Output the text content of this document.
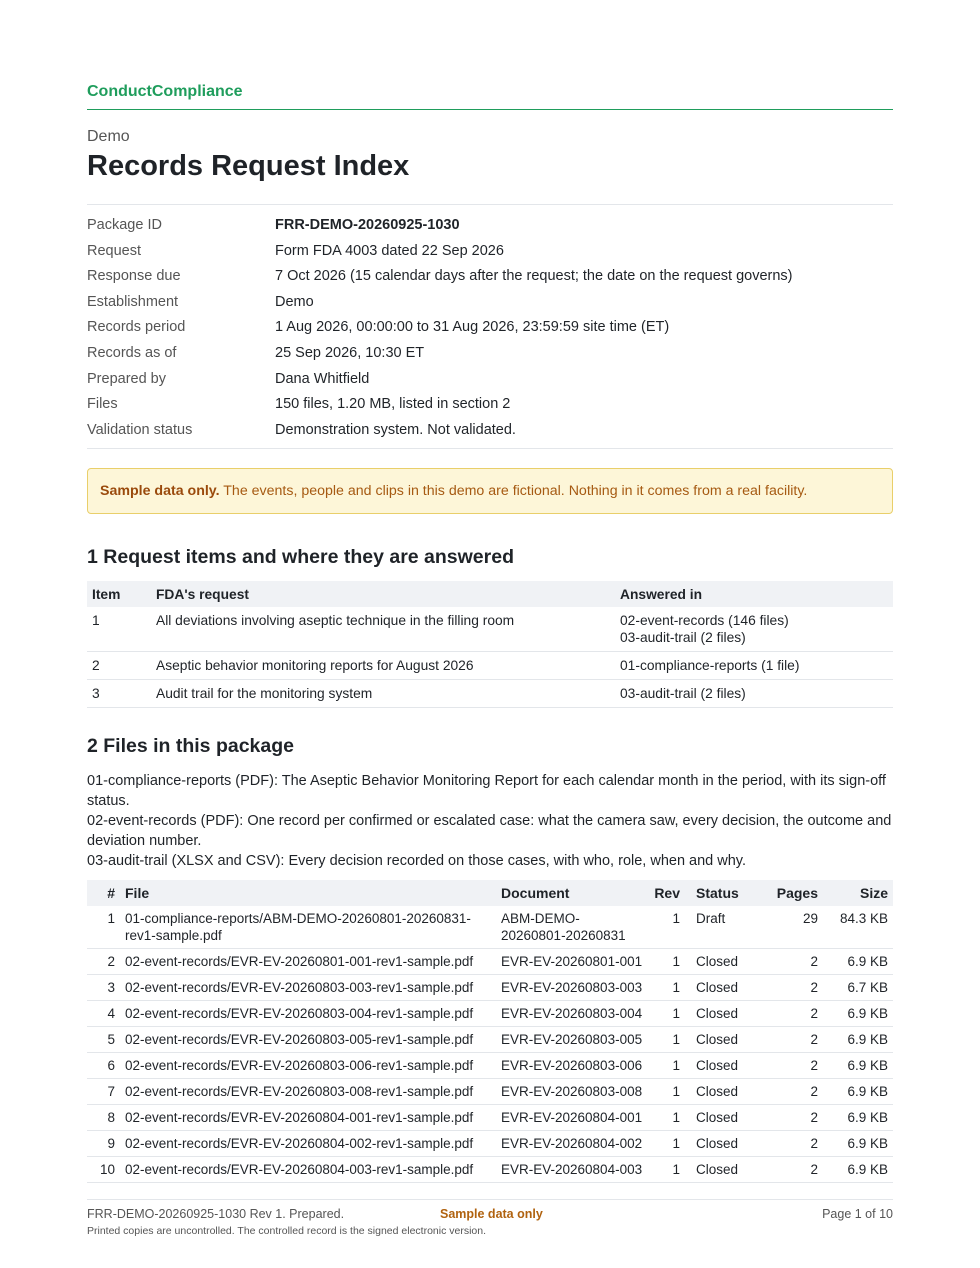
ConductCompliance
Demo
Records Request Index
Package ID	FRR-DEMO-20260925-1030
Request	Form FDA 4003 dated 22 Sep 2026
Response due	7 Oct 2026 (15 calendar days after the request; the date on the request governs)
Establishment	Demo
Records period	1 Aug 2026, 00:00:00 to 31 Aug 2026, 23:59:59 site time (ET)
Records as of	25 Sep 2026, 10:30 ET
Prepared by	Dana Whitfield
Files	150 files, 1.20 MB, listed in section 2
Validation status	Demonstration system. Not validated.
Sample data only. The events, people and clips in this demo are fictional. Nothing in it comes from a real facility.
1 Request items and where they are answered
Item	FDA's request	Answered in
1	All deviations involving aseptic technique in the filling room	02-event-records (146 files)
03-audit-trail (2 files)

2	Aseptic behavior monitoring reports for August 2026	01-compliance-reports (1 file)
3	Audit trail for the monitoring system	03-audit-trail (2 files)
2 Files in this package
01-compliance-reports (PDF): The Aseptic Behavior Monitoring Report for each calendar month in the period, with its sign-off status.
02-event-records (PDF): One record per confirmed or escalated case: what the camera saw, every decision, the outcome and deviation number.
03-audit-trail (XLSX and CSV): Every decision recorded on those cases, with who, role, when and why.
#	File	Document	Rev	Status	Pages	Size
1	01-compliance-reports/ABM-DEMO-20260801-20260831-rev1-sample.pdf	ABM-DEMO-20260801-20260831	1	Draft	29	84.3 KB
2	02-event-records/EVR-EV-20260801-001-rev1-sample.pdf	EVR-EV-20260801-001	1	Closed	2	6.9 KB
3	02-event-records/EVR-EV-20260803-003-rev1-sample.pdf	EVR-EV-20260803-003	1	Closed	2	6.7 KB
4	02-event-records/EVR-EV-20260803-004-rev1-sample.pdf	EVR-EV-20260803-004	1	Closed	2	6.9 KB
5	02-event-records/EVR-EV-20260803-005-rev1-sample.pdf	EVR-EV-20260803-005	1	Closed	2	6.9 KB
6	02-event-records/EVR-EV-20260803-006-rev1-sample.pdf	EVR-EV-20260803-006	1	Closed	2	6.9 KB
7	02-event-records/EVR-EV-20260803-008-rev1-sample.pdf	EVR-EV-20260803-008	1	Closed	2	6.9 KB
8	02-event-records/EVR-EV-20260804-001-rev1-sample.pdf	EVR-EV-20260804-001	1	Closed	2	6.9 KB
9	02-event-records/EVR-EV-20260804-002-rev1-sample.pdf	EVR-EV-20260804-002	1	Closed	2	6.9 KB
10	02-event-records/EVR-EV-20260804-003-rev1-sample.pdf	EVR-EV-20260804-003	1	Closed	2	6.9 KB
FRR-DEMO-20260925-1030 Rev 1. Prepared.	Sample data only	Page 1 of 10
Printed copies are uncontrolled. The controlled record is the signed electronic version.
